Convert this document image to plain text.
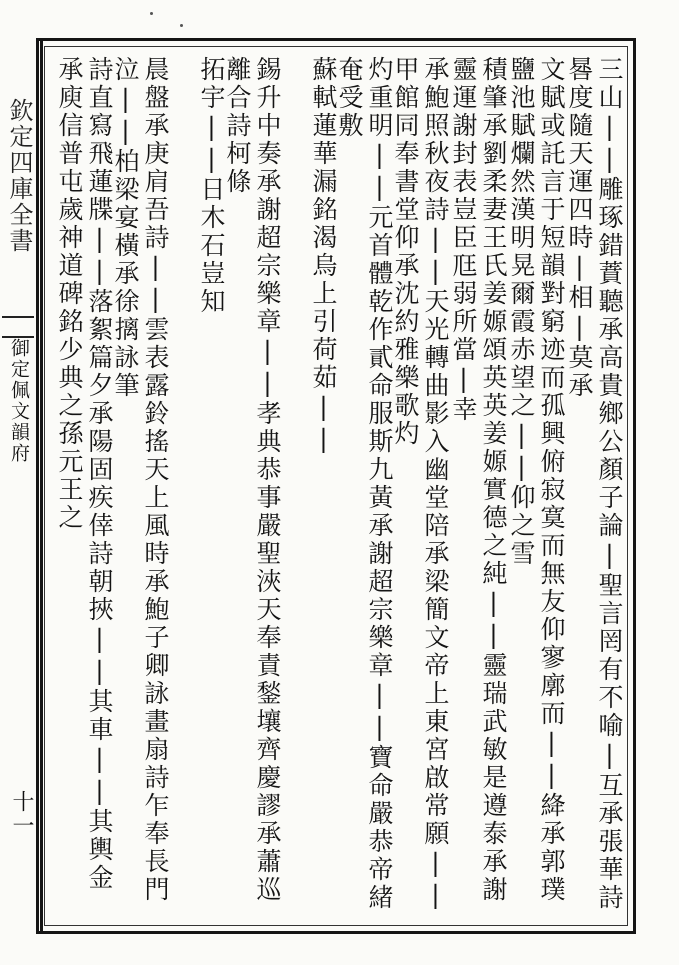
欽定四庫全書
御定佩文韻府
十一	三山||雕琢錯蕡聽承高貴鄉公顏子論|聖言罔有不喻|互承張華詩晷度隨天運四時|相|莫承
文賦或託言于短韻對窮迹而孤興俯寂寞而無友仰寥廓而||絳承郭璞鹽池賦爛然漢明晃爾霞赤望之||仰之雪
積肇承劉柔妻王氏姜嫄頌英英姜嫄實德之純||靈瑞武敏是遵泰承謝靈運謝封表豈臣尫弱所當|幸
承鮑照秋夜詩||天光轉曲影入幽堂陪承梁簡文帝上東宮啟常願||甲館同奉書堂仰承沈約雅樂歌灼
灼重明||元首體乾作貳命服斯九黃承謝超宗樂章||寶命嚴恭帝緒奄受敷
蘇軾蓮華漏銘渴烏上引荷茹||
錫升中奏承謝超宗樂章||孝典恭事嚴聖浹天奉責鍫壤齊慶謬承蕭巡離合詩柯條
拓宇||日木石豈知
晨盤承庚肩吾詩||雲表露鈴搖天上風時承鮑子卿詠畫扇詩乍奉長門泣||柏梁宴橫承徐摛詠筆
詩直寫飛蓮牒||落絮篇夕承陽固疾倖詩朝挾||其車||其輿金承庾信普屯歲神道碑銘少典之孫元王之
